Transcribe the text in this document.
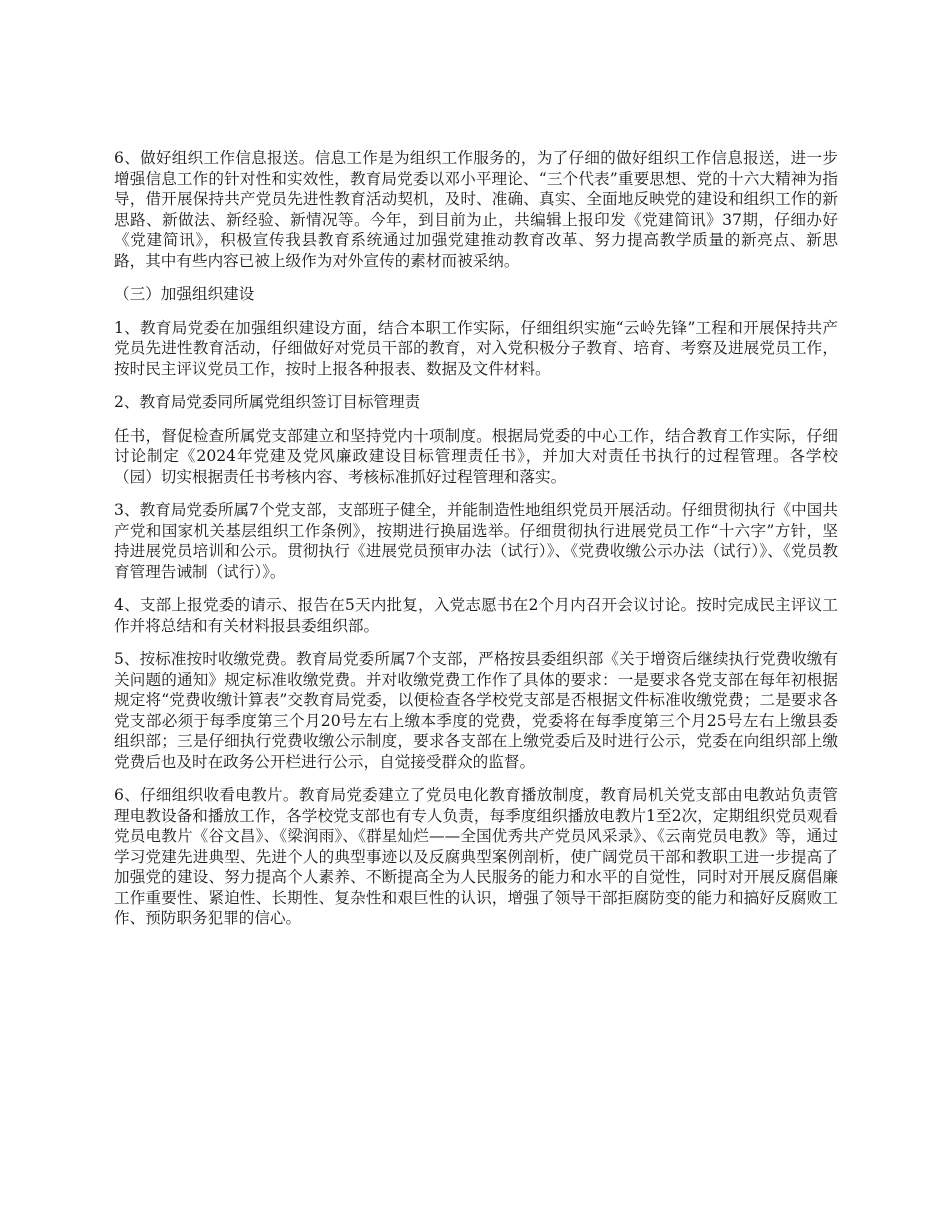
6、做好组织工作信息报送。信息工作是为组织工作服务的，为了仔细的做好组织工作信息报送，进一步增强信息工作的针对性和实效性，教育局党委以邓小平理论、“三个代表”重要思想、党的十六大精神为指导，借开展保持共产党员先进性教育活动契机，及时、准确、真实、全面地反映党的建设和组织工作的新思路、新做法、新经验、新情况等。今年，到目前为止，共编辑上报印发《党建简讯》37期，仔细办好《党建简讯》，积极宣传我县教育系统通过加强党建推动教育改革、努力提高教学质量的新亮点、新思路，其中有些内容已被上级作为对外宣传的素材而被采纳。

（三）加强组织建设

1、教育局党委在加强组织建设方面，结合本职工作实际，仔细组织实施“云岭先锋”工程和开展保持共产党员先进性教育活动，仔细做好对党员干部的教育，对入党积极分子教育、培育、考察及进展党员工作，按时民主评议党员工作，按时上报各种报表、数据及文件材料。

2、教育局党委同所属党组织签订目标管理责

任书，督促检查所属党支部建立和坚持党内十项制度。根据局党委的中心工作，结合教育工作实际，仔细讨论制定《2024年党建及党风廉政建设目标管理责任书》，并加大对责任书执行的过程管理。各学校（园）切实根据责任书考核内容、考核标准抓好过程管理和落实。

3、教育局党委所属7个党支部，支部班子健全，并能制造性地组织党员开展活动。仔细贯彻执行《中国共产党和国家机关基层组织工作条例》，按期进行换届选举。仔细贯彻执行进展党员工作“十六字”方针，坚持进展党员培训和公示。贯彻执行《进展党员预审办法（试行）》、《党费收缴公示办法（试行）》、《党员教育管理告诫制（试行）》。

4、支部上报党委的请示、报告在5天内批复，入党志愿书在2个月内召开会议讨论。按时完成民主评议工作并将总结和有关材料报县委组织部。

5、按标准按时收缴党费。教育局党委所属7个支部，严格按县委组织部《关于增资后继续执行党费收缴有关问题的通知》规定标准收缴党费。并对收缴党费工作作了具体的要求：一是要求各党支部在每年初根据规定将“党费收缴计算表”交教育局党委，以便检查各学校党支部是否根据文件标准收缴党费；二是要求各党支部必须于每季度第三个月20号左右上缴本季度的党费，党委将在每季度第三个月25号左右上缴县委组织部；三是仔细执行党费收缴公示制度，要求各支部在上缴党委后及时进行公示，党委在向组织部上缴党费后也及时在政务公开栏进行公示，自觉接受群众的监督。

6、仔细组织收看电教片。教育局党委建立了党员电化教育播放制度，教育局机关党支部由电教站负责管理电教设备和播放工作，各学校党支部也有专人负责，每季度组织播放电教片1至2次，定期组织党员观看党员电教片《谷文昌》、《梁润雨》、《群星灿烂——全国优秀共产党员风采录》、《云南党员电教》等，通过学习党建先进典型、先进个人的典型事迹以及反腐典型案例剖析，使广阔党员干部和教职工进一步提高了加强党的建设、努力提高个人素养、不断提高全为人民服务的能力和水平的自觉性，同时对开展反腐倡廉工作重要性、紧迫性、长期性、复杂性和艰巨性的认识，增强了领导干部拒腐防变的能力和搞好反腐败工作、预防职务犯罪的信心。
